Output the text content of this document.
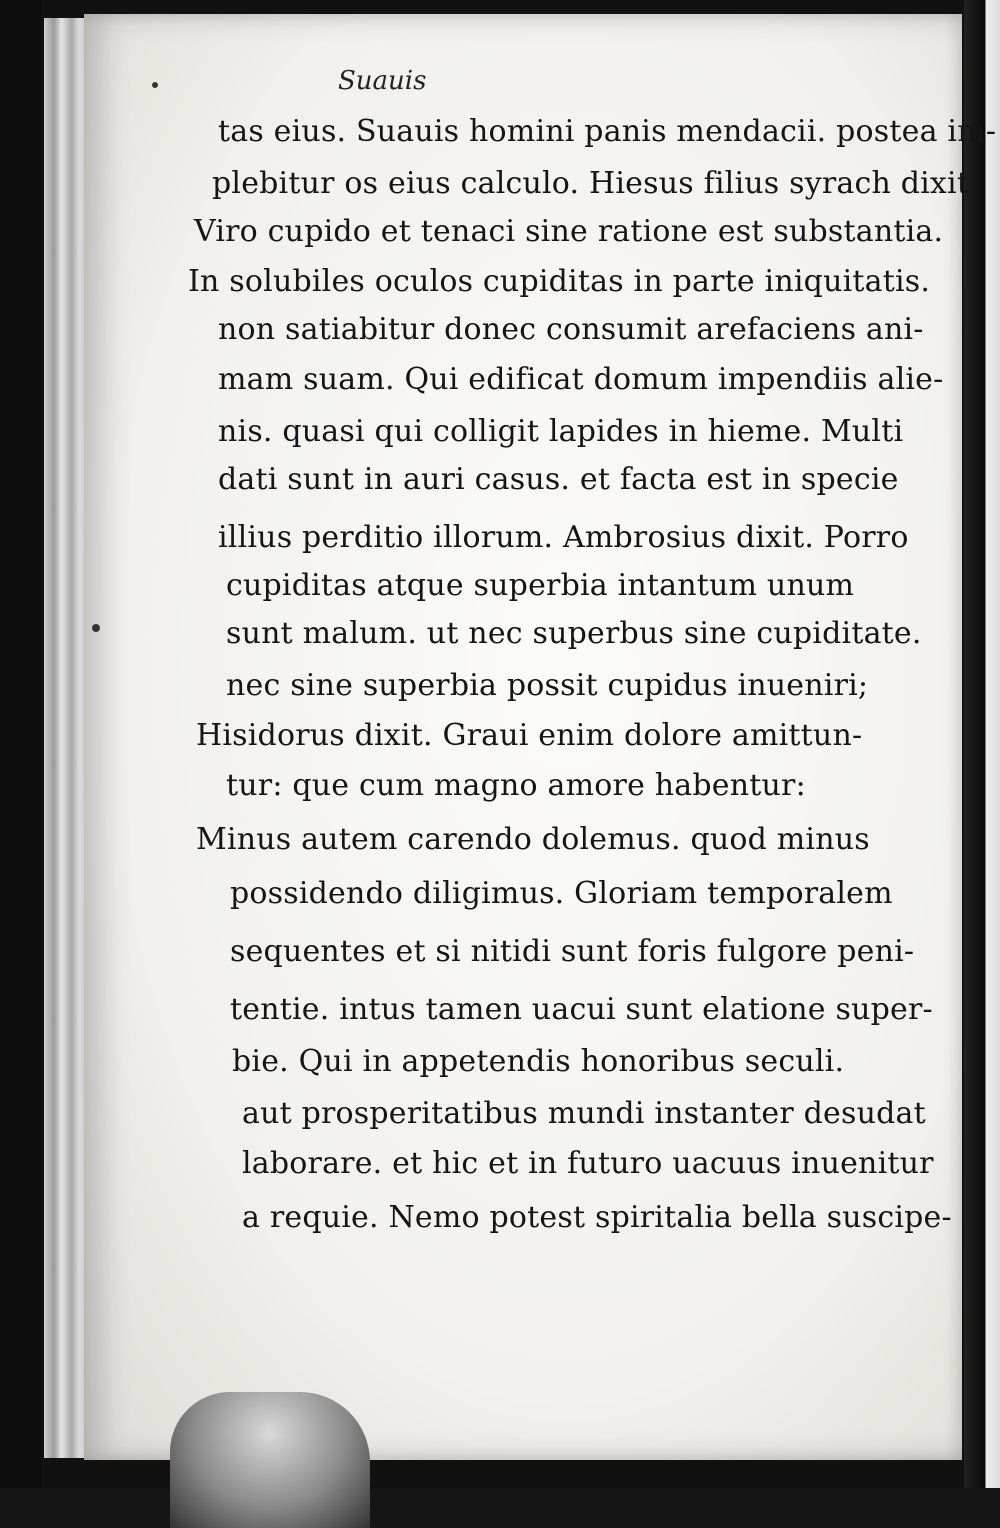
Suauis
tas eius. Suauis homini panis mendacii. postea im-
plebitur os eius calculo. Hiesus filius syrach dixit.
Viro cupido et tenaci sine ratione est substantia.
In solubiles oculos cupiditas in parte iniquitatis.
non satiabitur donec consumit arefaciens ani-
mam suam. Qui edificat domum impendiis alie-
nis. quasi qui colligit lapides in hieme. Multi
dati sunt in auri casus. et facta est in specie
illius perditio illorum. Ambrosius dixit. Porro
cupiditas atque superbia intantum unum
sunt malum. ut nec superbus sine cupiditate.
nec sine superbia possit cupidus inueniri;
Hisidorus dixit. Graui enim dolore amittun-
tur: que cum magno amore habentur:
Minus autem carendo dolemus. quod minus
possidendo diligimus. Gloriam temporalem
sequentes et si nitidi sunt foris fulgore peni-
tentie. intus tamen uacui sunt elatione super-
bie. Qui in appetendis honoribus seculi.
aut prosperitatibus mundi instanter desudat
laborare. et hic et in futuro uacuus inuenitur
a requie. Nemo potest spiritalia bella suscipe-
